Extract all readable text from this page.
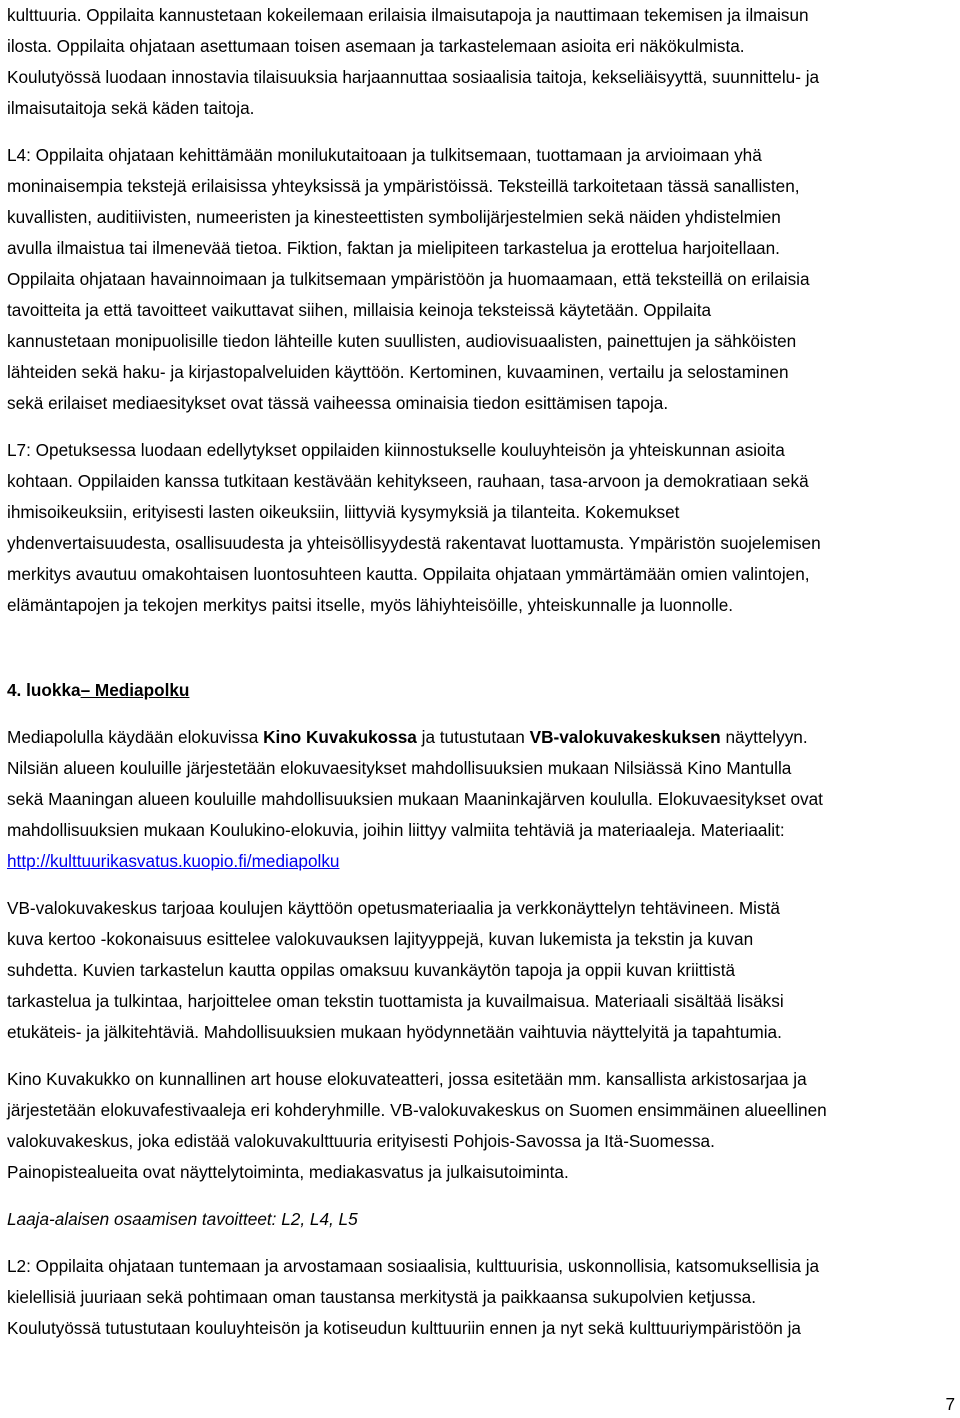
kulttuuria. Oppilaita kannustetaan kokeilemaan erilaisia ilmaisutapoja ja nauttimaan tekemisen ja ilmaisun
ilosta. Oppilaita ohjataan asettumaan toisen asemaan ja tarkastelemaan asioita eri näkökulmista.
Koulutyössä luodaan innostavia tilaisuuksia harjaannuttaa sosiaalisia taitoja, kekseliäisyyttä, suunnittelu- ja
ilmaisutaitoja sekä käden taitoja.
L4: Oppilaita ohjataan kehittämään monilukutaitoaan ja tulkitsemaan, tuottamaan ja arvioimaan yhä
moninaisempia tekstejä erilaisissa yhteyksissä ja ympäristöissä. Teksteillä tarkoitetaan tässä sanallisten,
kuvallisten, auditiivisten, numeeristen ja kinesteettisten symbolijärjestelmien sekä näiden yhdistelmien
avulla ilmaistua tai ilmenevää tietoa. Fiktion, faktan ja mielipiteen tarkastelua ja erottelua harjoitellaan.
Oppilaita ohjataan havainnoimaan ja tulkitsemaan ympäristöön ja huomaamaan, että teksteillä on erilaisia
tavoitteita ja että tavoitteet vaikuttavat siihen, millaisia keinoja teksteissä käytetään. Oppilaita
kannustetaan monipuolisille tiedon lähteille kuten suullisten, audiovisuaalisten, painettujen ja sähköisten
lähteiden sekä haku- ja kirjastopalveluiden käyttöön. Kertominen, kuvaaminen, vertailu ja selostaminen
sekä erilaiset mediaesitykset ovat tässä vaiheessa ominaisia tiedon esittämisen tapoja.
L7: Opetuksessa luodaan edellytykset oppilaiden kiinnostukselle kouluyhteisön ja yhteiskunnan asioita
kohtaan. Oppilaiden kanssa tutkitaan kestävään kehitykseen, rauhaan, tasa-arvoon ja demokratiaan sekä
ihmisoikeuksiin, erityisesti lasten oikeuksiin, liittyviä kysymyksiä ja tilanteita. Kokemukset
yhdenvertaisuudesta, osallisuudesta ja yhteisöllisyydestä rakentavat luottamusta. Ympäristön suojelemisen
merkitys avautuu omakohtaisen luontosuhteen kautta. Oppilaita ohjataan ymmärtämään omien valintojen,
elämäntapojen ja tekojen merkitys paitsi itselle, myös lähiyhteisöille, yhteiskunnalle ja luonnolle.
4. luokka– Mediapolku
Mediapolulla käydään elokuvissa Kino Kuvakukossa ja tutustutaan VB-valokuvakeskuksen näyttelyyn.
Nilsiän alueen kouluille järjestetään elokuvaesitykset mahdollisuuksien mukaan Nilsiässä Kino Mantulla
sekä Maaningan alueen kouluille mahdollisuuksien mukaan Maaninkajärven koululla. Elokuvaesitykset ovat
mahdollisuuksien mukaan Koulukino-elokuvia, joihin liittyy valmiita tehtäviä ja materiaaleja. Materiaalit:
http://kulttuurikasvatus.kuopio.fi/mediapolku
VB-valokuvakeskus tarjoaa koulujen käyttöön opetusmateriaalia ja verkkonäyttelyn tehtävineen. Mistä
kuva kertoo -kokonaisuus esittelee valokuvauksen lajityyppejä, kuvan lukemista ja tekstin ja kuvan
suhdetta. Kuvien tarkastelun kautta oppilas omaksuu kuvankäytön tapoja ja oppii kuvan kriittistä
tarkastelua ja tulkintaa, harjoittelee oman tekstin tuottamista ja kuvailmaisua. Materiaali sisältää lisäksi
etukäteis- ja jälkitehtäviä. Mahdollisuuksien mukaan hyödynnetään vaihtuvia näyttelyitä ja tapahtumia.
Kino Kuvakukko on kunnallinen art house elokuvateatteri, jossa esitetään mm. kansallista arkistosarjaa ja
järjestetään elokuvafestivaaleja eri kohderyhmille. VB-valokuvakeskus on Suomen ensimmäinen alueellinen
valokuvakeskus, joka edistää valokuvakulttuuria erityisesti Pohjois-Savossa ja Itä-Suomessa.
Painopistealueita ovat näyttelytoiminta, mediakasvatus ja julkaisutoiminta.
Laaja-alaisen osaamisen tavoitteet: L2, L4, L5
L2: Oppilaita ohjataan tuntemaan ja arvostamaan sosiaalisia, kulttuurisia, uskonnollisia, katsomuksellisia ja
kielellisiä juuriaan sekä pohtimaan oman taustansa merkitystä ja paikkaansa sukupolvien ketjussa.
Koulutyössä tutustutaan kouluyhteisön ja kotiseudun kulttuuriin ennen ja nyt sekä kulttuuriympäristöön ja
7
